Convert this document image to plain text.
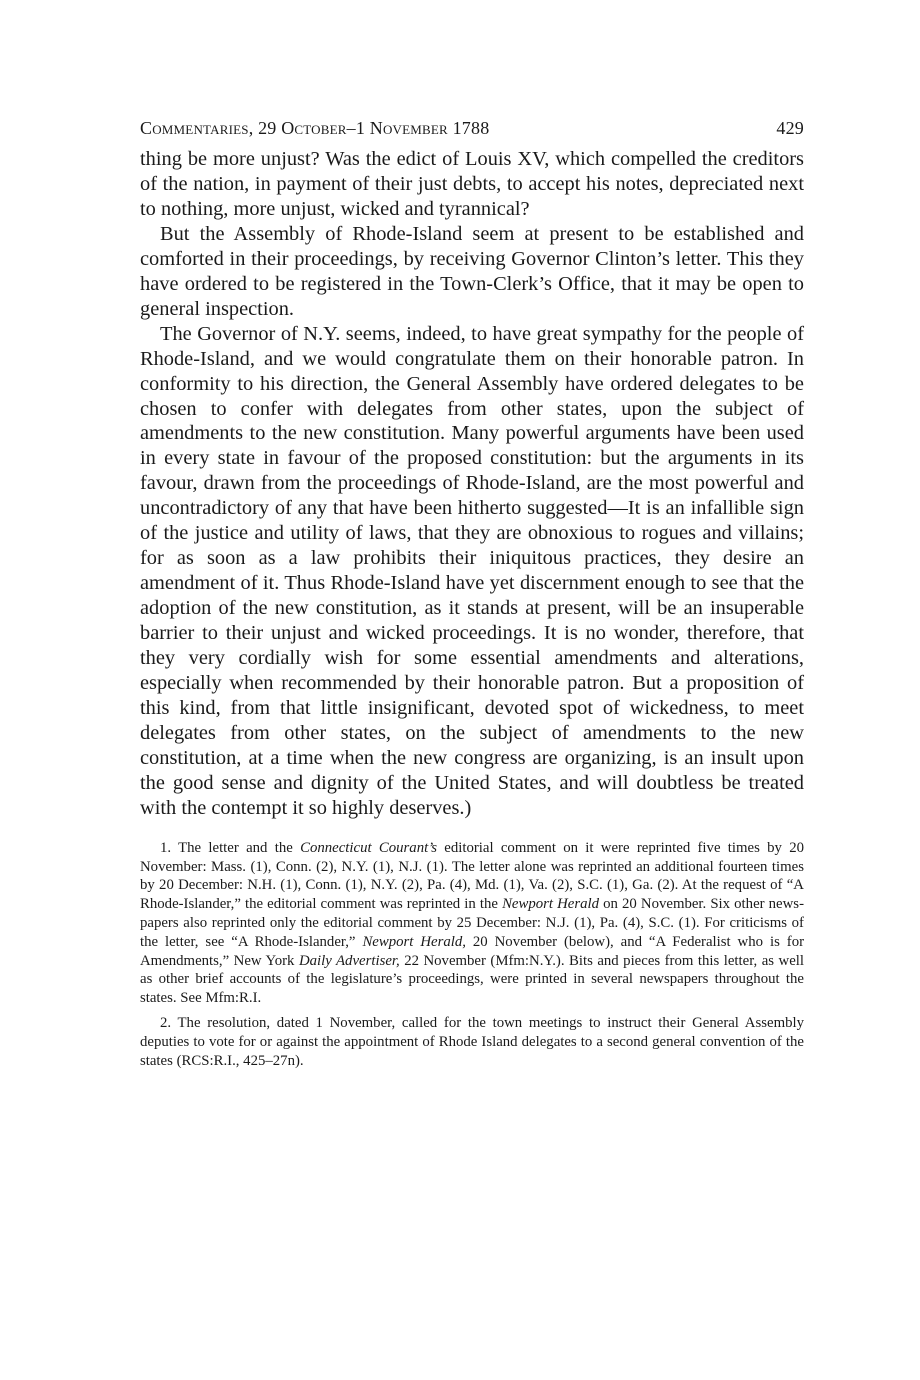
Commentaries, 29 October–1 November 1788	429

thing be more unjust? Was the edict of Louis XV, which compelled the creditors of the nation, in payment of their just debts, to accept his notes, depreciated next to nothing, more unjust, wicked and tyrannical?

But the Assembly of Rhode-Island seem at present to be established and comforted in their proceedings, by receiving Governor Clinton’s letter. This they have ordered to be registered in the Town-Clerk’s Office, that it may be open to general inspection.

The Governor of N.Y. seems, indeed, to have great sympathy for the people of Rhode-Island, and we would congratulate them on their honorable patron. In conformity to his direction, the General Assembly have ordered delegates to be chosen to confer with delegates from other states, upon the subject of amendments to the new constitution. Many powerful arguments have been used in every state in favour of the proposed constitution: but the arguments in its favour, drawn from the proceedings of Rhode-Island, are the most powerful and uncontradictory of any that have been hitherto suggested—It is an infallible sign of the justice and utility of laws, that they are obnoxious to rogues and villains; for as soon as a law prohibits their iniquitous practices, they desire an amendment of it. Thus Rhode-Island have yet discernment enough to see that the adoption of the new constitution, as it stands at present, will be an insuperable barrier to their unjust and wicked proceedings. It is no wonder, therefore, that they very cordially wish for some essential amendments and alterations, especially when recommended by their honorable patron. But a proposition of this kind, from that little insignificant, devoted spot of wickedness, to meet delegates from other states, on the subject of amendments to the new constitution, at a time when the new congress are organizing, is an insult upon the good sense and dignity of the United States, and will doubtless be treated with the contempt it so highly deserves.)

1. The letter and the Connecticut Courant’s editorial comment on it were reprinted five times by 20 November: Mass. (1), Conn. (2), N.Y. (1), N.J. (1). The letter alone was reprinted an additional fourteen times by 20 December: N.H. (1), Conn. (1), N.Y. (2), Pa. (4), Md. (1), Va. (2), S.C. (1), Ga. (2). At the request of “A Rhode-Islander,” the editorial comment was reprinted in the Newport Herald on 20 November. Six other newspapers also reprinted only the editorial comment by 25 December: N.J. (1), Pa. (4), S.C. (1). For criticisms of the letter, see “A Rhode-Islander,” Newport Herald, 20 November (below), and “A Federalist who is for Amendments,” New York Daily Advertiser, 22 November (Mfm:N.Y.). Bits and pieces from this letter, as well as other brief accounts of the legislature’s proceedings, were printed in several newspapers throughout the states. See Mfm:R.I.

2. The resolution, dated 1 November, called for the town meetings to instruct their General Assembly deputies to vote for or against the appointment of Rhode Island delegates to a second general convention of the states (RCS:R.I., 425–27n).
